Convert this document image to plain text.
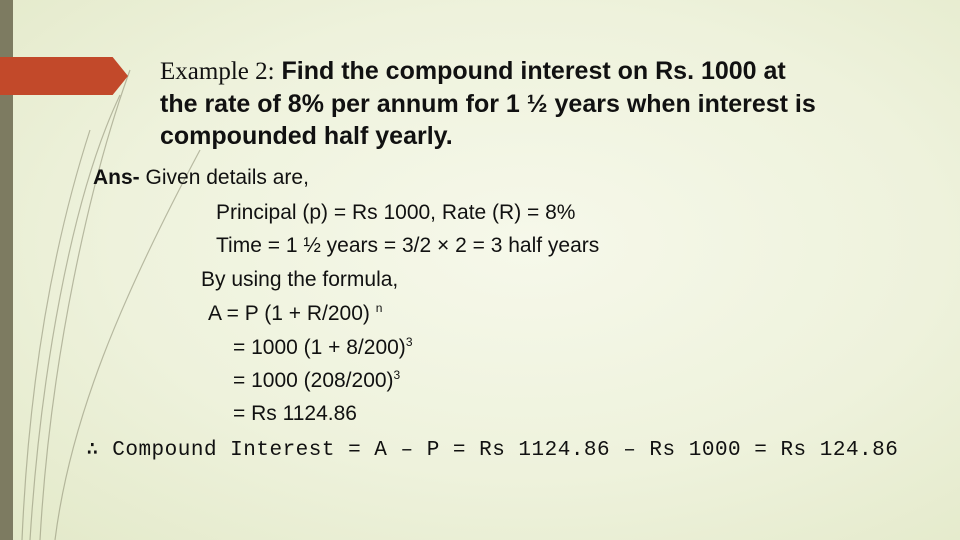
Example 2: Find the compound interest on Rs. 1000 at
the rate of 8% per annum for 1 ½ years when interest is
compounded half yearly.
Ans- Given details are,
Principal (p) = Rs 1000, Rate (R) = 8%
Time = 1 ½ years = 3/2 × 2 = 3 half years
By using the formula,
A = P (1 + R/200) $^n$
= 1000 $(1 + 8/200)^3$
= 1000 $(208/200)^3$
= Rs 1124.86
∴ Compound Interest = A – P = Rs 1124.86 – Rs 1000 = Rs 124.86
